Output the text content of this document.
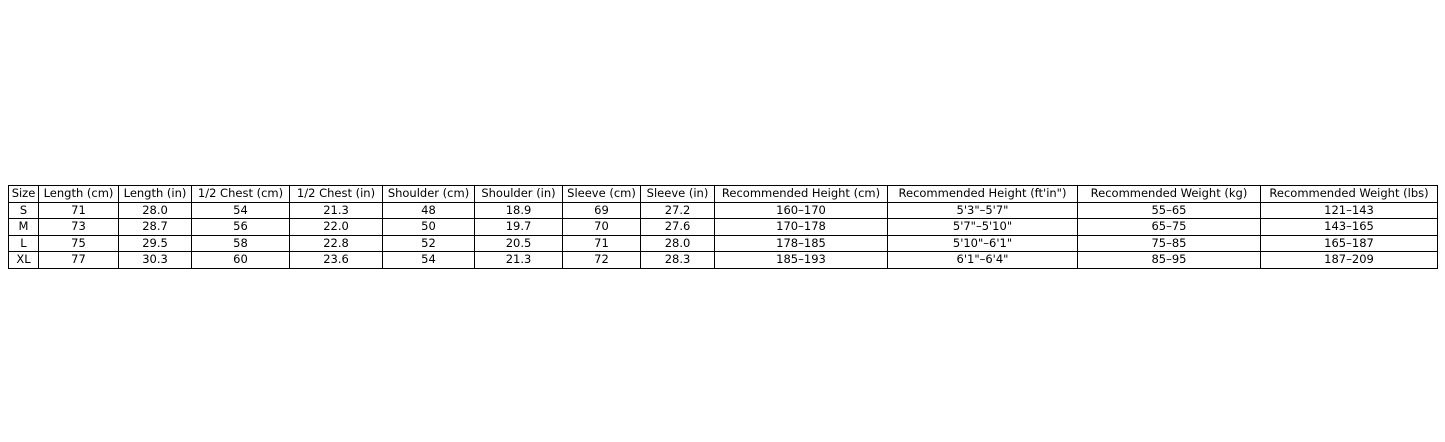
Size	Length (cm)	Length (in)	1/2 Chest (cm)	1/2 Chest (in)	Shoulder (cm)	Shoulder (in)	Sleeve (cm)	Sleeve (in)	Recommended Height (cm)	Recommended Height (ft'in")	Recommended Weight (kg)	Recommended Weight (lbs)
S	71	28.0	54	21.3	48	18.9	69	27.2	160–170	5'3"–5'7"	55–65	121–143
M	73	28.7	56	22.0	50	19.7	70	27.6	170–178	5'7"–5'10"	65–75	143–165
L	75	29.5	58	22.8	52	20.5	71	28.0	178–185	5'10"–6'1"	75–85	165–187
XL	77	30.3	60	23.6	54	21.3	72	28.3	185–193	6'1"–6'4"	85–95	187–209
